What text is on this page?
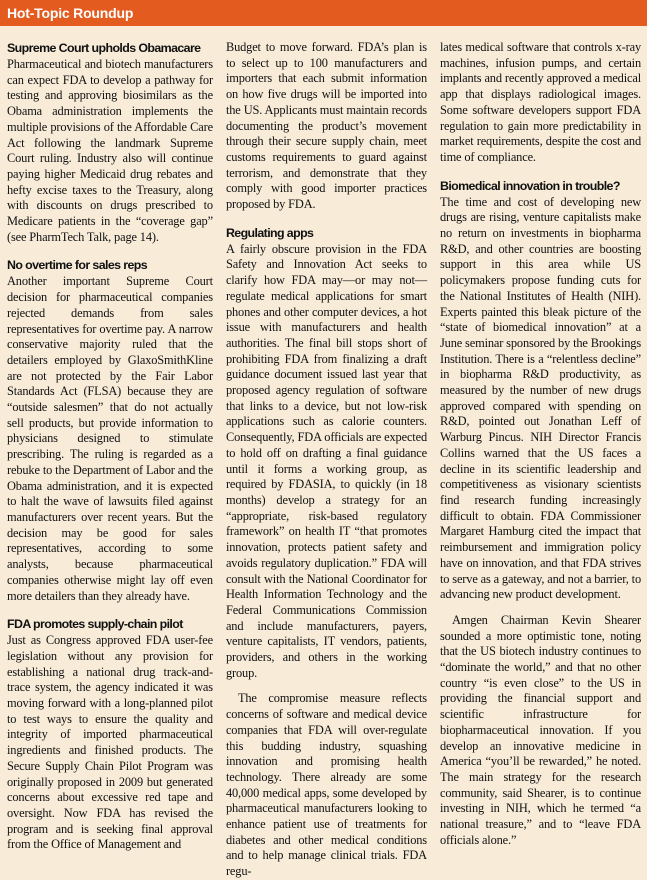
Hot-Topic Roundup
Supreme Court upholds Obamacare

Pharmaceutical and biotech manufacturers can expect FDA to develop a pathway for testing and approving biosimilars as the Obama administration implements the multiple provisions of the Affordable Care Act following the landmark Supreme Court ruling. Industry also will continue paying higher Medicaid drug rebates and hefty excise taxes to the Treasury, along with discounts on drugs prescribed to Medicare patients in the “coverage gap” (see PharmTech Talk, page 14).

No overtime for sales reps

Another important Supreme Court decision for pharmaceutical companies rejected demands from sales representatives for overtime pay. A narrow conservative majority ruled that the detailers employed by GlaxoSmithKline are not protected by the Fair Labor Standards Act (FLSA) because they are “outside salesmen” that do not actually sell products, but provide information to physicians designed to stimulate prescribing. The ruling is regarded as a rebuke to the Department of Labor and the Obama administration, and it is expected to halt the wave of lawsuits filed against manufacturers over recent years. But the decision may be good for sales representatives, according to some analysts, because pharmaceutical companies otherwise might lay off even more detailers than they already have.

FDA promotes supply-chain pilot

Just as Congress approved FDA user-fee legislation without any provision for establishing a national drug track-and-trace system, the agency indicated it was moving forward with a long-planned pilot to test ways to ensure the quality and integrity of imported pharmaceutical ingredients and finished products. The Secure Supply Chain Pilot Program was originally proposed in 2009 but generated concerns about excessive red tape and oversight. Now FDA has revised the program and is seeking final approval from the Office of Management and

Budget to move forward. FDA’s plan is to select up to 100 manufacturers and importers that each submit information on how five drugs will be imported into the US. Applicants must maintain records documenting the product’s movement through their secure supply chain, meet customs requirements to guard against terrorism, and demonstrate that they comply with good importer practices proposed by FDA.

Regulating apps

A fairly obscure provision in the FDA Safety and Innovation Act seeks to clarify how FDA may—or may not—regulate medical applications for smart phones and other computer devices, a hot issue with manufacturers and health authorities. The final bill stops short of prohibiting FDA from finalizing a draft guidance document issued last year that proposed agency regulation of software that links to a device, but not low-risk applications such as calorie counters. Consequently, FDA officials are expected to hold off on drafting a final guidance until it forms a working group, as required by FDASIA, to quickly (in 18 months) develop a strategy for an “appropriate, risk-based regulatory framework” on health IT “that promotes innovation, protects patient safety and avoids regulatory duplication.” FDA will consult with the National Coordinator for Health Information Technology and the Federal Communications Commission and include manufacturers, payers, venture capitalists, IT vendors, patients, providers, and others in the working group.

The compromise measure reflects concerns of software and medical device companies that FDA will over-regulate this budding industry, squashing innovation and promising health technology. There already are some 40,000 medical apps, some developed by pharmaceutical manufacturers looking to enhance patient use of treatments for diabetes and other medical conditions and to help manage clinical trials. FDA regu-

lates medical software that controls x-ray machines, infusion pumps, and certain implants and recently approved a medical app that displays radiological images. Some software developers support FDA regulation to gain more predictability in market requirements, despite the cost and time of compliance.

Biomedical innovation in trouble?

The time and cost of developing new drugs are rising, venture capitalists make no return on investments in biopharma R&D, and other countries are boosting support in this area while US policymakers propose funding cuts for the National Institutes of Health (NIH). Experts painted this bleak picture of the “state of biomedical innovation” at a June seminar sponsored by the Brookings Institution. There is a “relentless decline” in biopharma R&D productivity, as measured by the number of new drugs approved compared with spending on R&D, pointed out Jonathan Leff of Warburg Pincus. NIH Director Francis Collins warned that the US faces a decline in its scientific leadership and competitiveness as visionary scientists find research funding increasingly difficult to obtain. FDA Commissioner Margaret Hamburg cited the impact that reimbursement and immigration policy have on innovation, and that FDA strives to serve as a gateway, and not a barrier, to advancing new product development.

Amgen Chairman Kevin Shearer sounded a more optimistic tone, noting that the US biotech industry continues to “dominate the world,” and that no other country “is even close” to the US in providing the financial support and scientific infrastructure for biopharmaceutical innovation. If you develop an innovative medicine in America “you’ll be rewarded,” he noted. The main strategy for the research community, said Shearer, is to continue investing in NIH, which he termed “a national treasure,” and to “leave FDA officials alone.”
